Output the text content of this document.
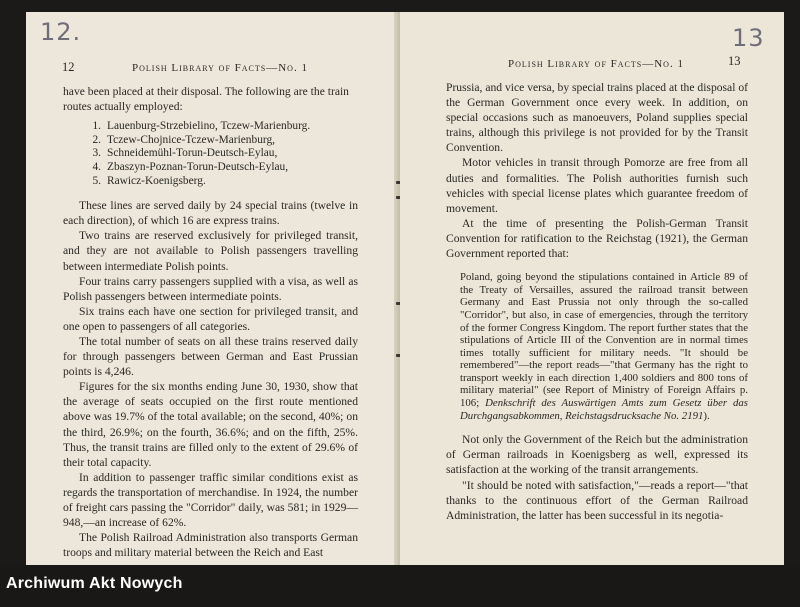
12.
12	Polish Library of Facts—No. 1
have been placed at their disposal. The following are the train
routes actually employed:
1. Lauenburg-Strzebielino, Tczew-Marienburg.
2. Tczew-Chojnice-Tczew-Marienburg,
3. Schneidemühl-Torun-Deutsch-Eylau,
4. Zbaszyn-Poznan-Torun-Deutsch-Eylau,
5. Rawicz-Koenigsberg.

These lines are served daily by 24 special trains (twelve in each direction), of which 16 are express trains.

Two trains are reserved exclusively for privileged transit, and they are not available to Polish passengers travelling between intermediate Polish points.

Four trains carry passengers supplied with a visa, as well as Polish passengers between intermediate points.

Six trains each have one section for privileged transit, and one open to passengers of all categories.

The total number of seats on all these trains reserved daily for through passengers between German and East Prussian points is 4,246.

Figures for the six months ending June 30, 1930, show that the average of seats occupied on the first route mentioned above was 19.7% of the total available; on the second, 40%; on the third, 26.9%; on the fourth, 36.6%; and on the fifth, 25%. Thus, the transit trains are filled only to the extent of 29.6% of their total capacity.

In addition to passenger traffic similar conditions exist as regards the transportation of merchandise. In 1924, the number of freight cars passing the "Corridor" daily, was 581; in 1929—948,—an increase of 62%.

The Polish Railroad Administration also transports German troops and military material between the Reich and East

13
Polish Library of Facts—No. 1	13

Prussia, and vice versa, by special trains placed at the disposal of the German Government once every week. In addition, on special occasions such as manoeuvers, Poland supplies special trains, although this privilege is not provided for by the Transit Convention.

Motor vehicles in transit through Pomorze are free from all duties and formalities. The Polish authorities furnish such vehicles with special license plates which guarantee freedom of movement.

At the time of presenting the Polish-German Transit Convention for ratification to the Reichstag (1921), the German Government reported that:

Poland, going beyond the stipulations contained in Article 89 of the Treaty of Versailles, assured the railroad transit between Germany and East Prussia not only through the so-called "Corridor", but also, in case of emergencies, through the territory of the former Congress Kingdom. The report further states that the stipulations of Article III of the Convention are in normal times times totally sufficient for military needs. "It should be remembered"—the report reads—"that Germany has the right to transport weekly in each direction 1,400 soldiers and 800 tons of military material" (see Report of Ministry of Foreign Affairs p. 106; Denkschrift des Auswärtigen Amts zum Gesetz über das Durchgangsabkommen, Reichstagsdrucksache No. 2191).

Not only the Government of the Reich but the administration of German railroads in Koenigsberg as well, expressed its satisfaction at the working of the transit arrangements.

"It should be noted with satisfaction,"—reads a report—"that thanks to the continuous effort of the German Railroad Administration, the latter has been successful in its negotia-

Archiwum Akt Nowych
